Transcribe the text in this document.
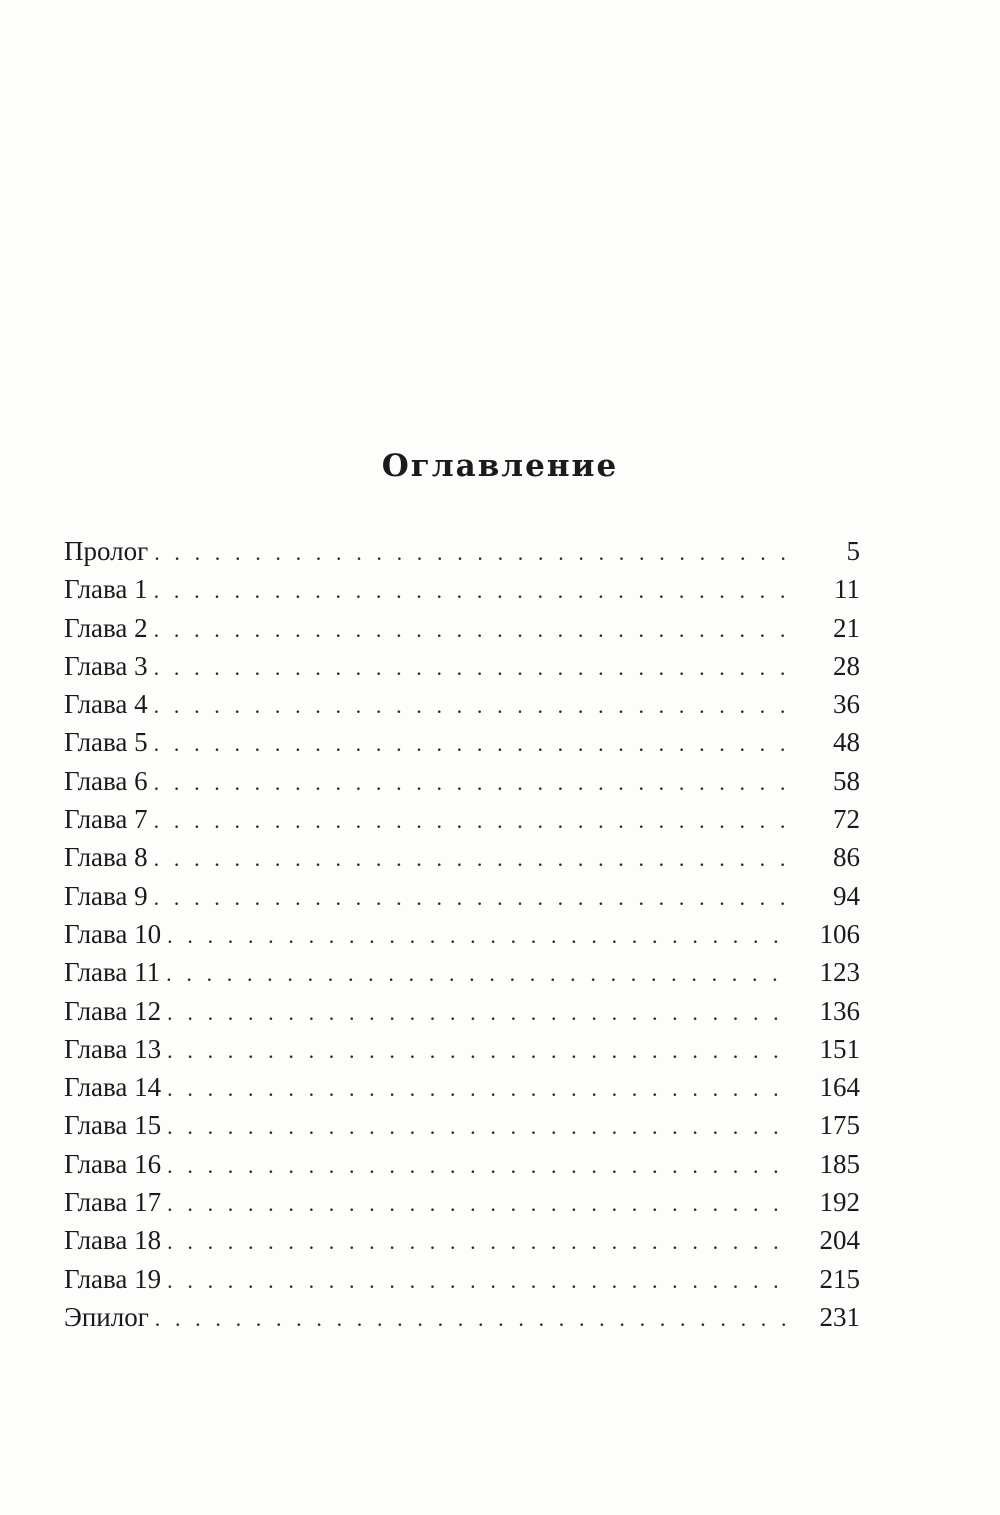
Оглавление
Пролог . . .	5
Глава 1 . . .	11
Глава 2 . . .	21
Глава 3 . . .	28
Глава 4 . . .	36
Глава 5 . . .	48
Глава 6 . . .	58
Глава 7 . . .	72
Глава 8 . . .	86
Глава 9 . . .	94
Глава 10 . . .	106
Глава 11 . . .	123
Глава 12 . . .	136
Глава 13 . . .	151
Глава 14 . . .	164
Глава 15 . . .	175
Глава 16 . . .	185
Глава 17 . . .	192
Глава 18 . . .	204
Глава 19 . . .	215
Эпилог . . .	231
